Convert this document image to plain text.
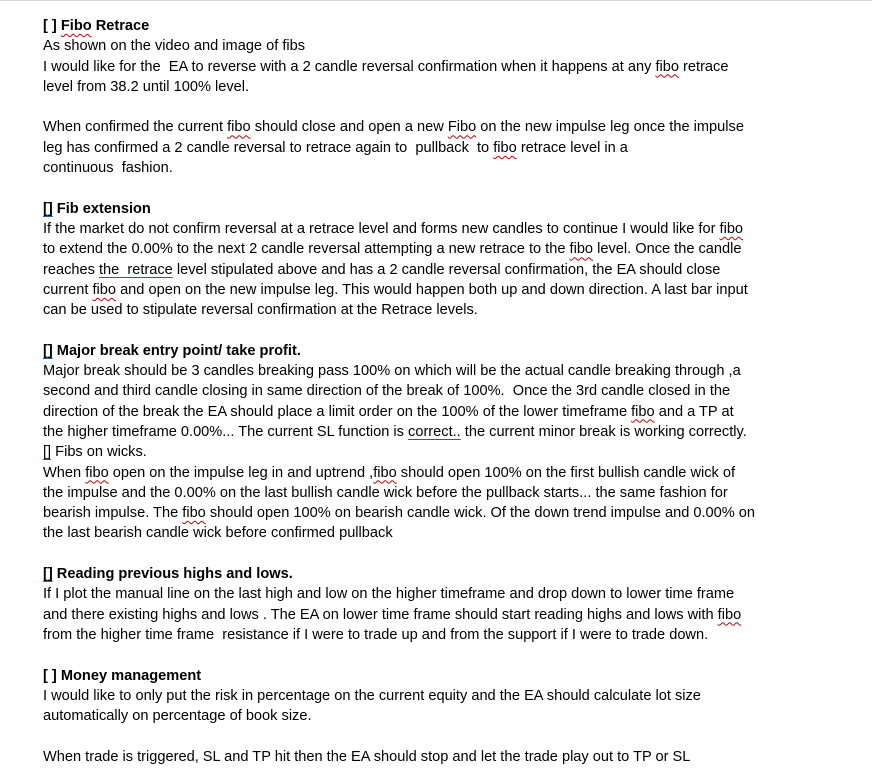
[ ] Fibo Retrace
As shown on the video and image of fibs
I would like for the  EA to reverse with a 2 candle reversal confirmation when it happens at any fibo retrace
level from 38.2 until 100% level.
When confirmed the current fibo should close and open a new Fibo on the new impulse leg once the impulse
leg has confirmed a 2 candle reversal to retrace again to  pullback  to fibo retrace level in a
continuous  fashion.
[] Fib extension
If the market do not confirm reversal at a retrace level and forms new candles to continue I would like for fibo
to extend the 0.00% to the next 2 candle reversal attempting a new retrace to the fibo level. Once the candle
reaches the  retrace level stipulated above and has a 2 candle reversal confirmation, the EA should close
current fibo and open on the new impulse leg. This would happen both up and down direction. A last bar input
can be used to stipulate reversal confirmation at the Retrace levels.
[] Major break entry point/ take profit.
Major break should be 3 candles breaking pass 100% on which will be the actual candle breaking through ,a
second and third candle closing in same direction of the break of 100%.  Once the 3rd candle closed in the
direction of the break the EA should place a limit order on the 100% of the lower timeframe fibo and a TP at
the higher timeframe 0.00%... The current SL function is correct.. the current minor break is working correctly.
[] Fibs on wicks.
When fibo open on the impulse leg in and uptrend ,fibo should open 100% on the first bullish candle wick of
the impulse and the 0.00% on the last bullish candle wick before the pullback starts... the same fashion for
bearish impulse. The fibo should open 100% on bearish candle wick. Of the down trend impulse and 0.00% on
the last bearish candle wick before confirmed pullback
[] Reading previous highs and lows.
If I plot the manual line on the last high and low on the higher timeframe and drop down to lower time frame
and there existing highs and lows . The EA on lower time frame should start reading highs and lows with fibo
from the higher time frame  resistance if I were to trade up and from the support if I were to trade down.
[ ] Money management
I would like to only put the risk in percentage on the current equity and the EA should calculate lot size
automatically on percentage of book size.
When trade is triggered, SL and TP hit then the EA should stop and let the trade play out to TP or SL
